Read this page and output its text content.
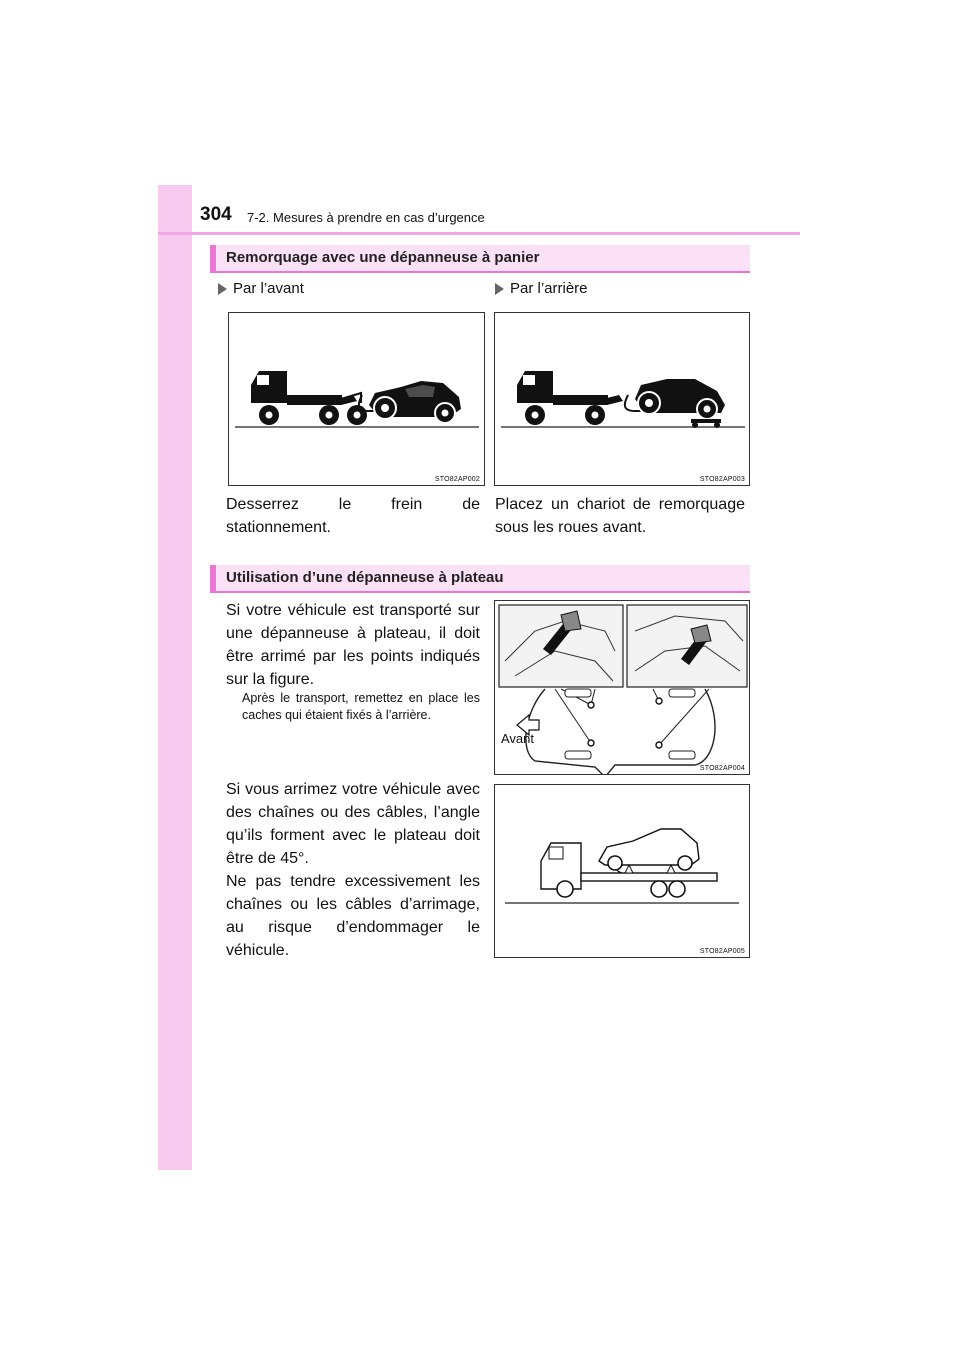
304 7-2. Mesures à prendre en cas d’urgence
Remorquage avec une dépanneuse à panier
Par l’avant	Par l’arrière
STO82AP002	STO82AP003
Desserrez le frein de stationnement.
Placez un chariot de remorquage sous les roues avant.
Utilisation d’une dépanneuse à plateau
Si votre véhicule est transporté sur une dépanneuse à plateau, il doit être arrimé par les points indiqués sur la figure.
Après le transport, remettez en place les caches qui étaient fixés à l’arrière.
Si vous arrimez votre véhicule avec des chaînes ou des câbles, l’angle qu’ils forment avec le plateau doit être de 45°.
Ne pas tendre excessivement les chaînes ou les câbles d’arrimage, au risque d’endommager le véhicule.
Avant
STO82AP004
STO82AP005
